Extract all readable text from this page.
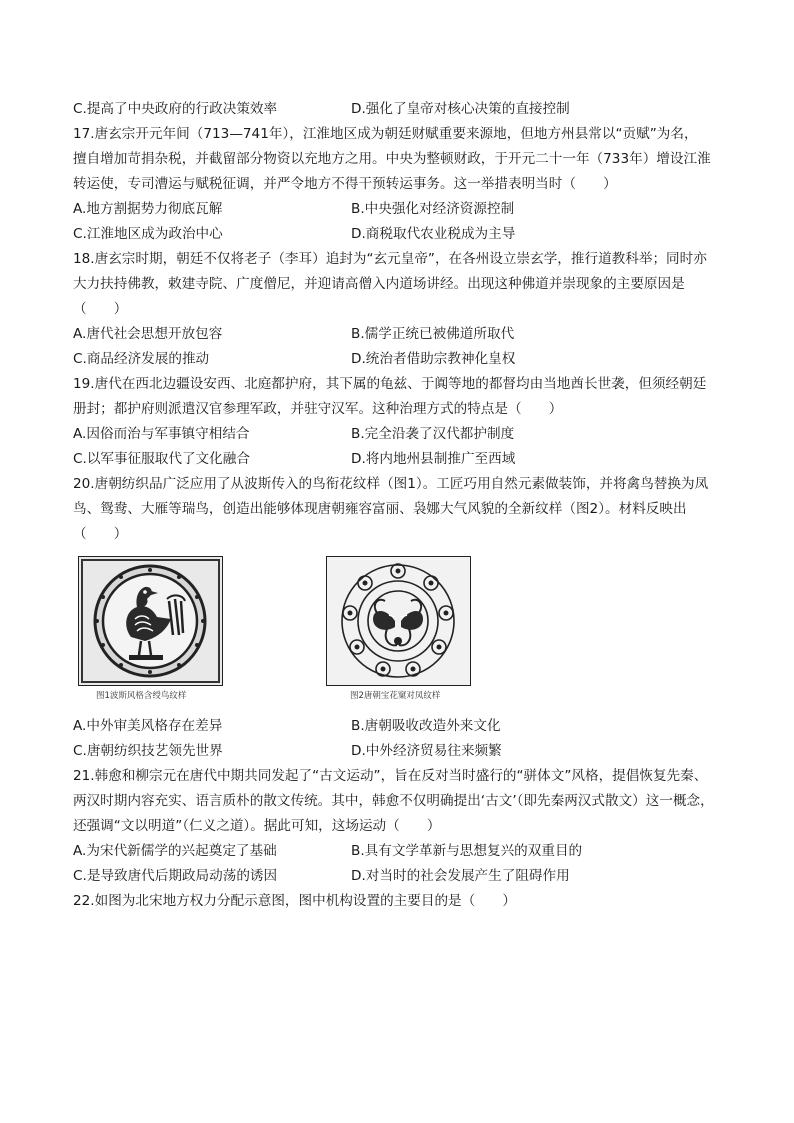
C.提高了中央政府的行政决策效率	D.强化了皇帝对核心决策的直接控制
17.唐玄宗开元年间（713—741年），江淮地区成为朝廷财赋重要来源地，但地方州县常以“贡赋”为名，
擅自增加苛捐杂税，并截留部分物资以充地方之用。中央为整顿财政，于开元二十一年（733年）增设江淮
转运使，专司漕运与赋税征调，并严令地方不得干预转运事务。这一举措表明当时（　　）
A.地方割据势力彻底瓦解	B.中央强化对经济资源控制
C.江淮地区成为政治中心	D.商税取代农业税成为主导
18.唐玄宗时期，朝廷不仅将老子（李耳）追封为“玄元皇帝”，在各州设立崇玄学，推行道教科举；同时亦
大力扶持佛教，敕建寺院、广度僧尼，并迎请高僧入内道场讲经。出现这种佛道并崇现象的主要原因是
（　　）
A.唐代社会思想开放包容	B.儒学正统已被佛道所取代
C.商品经济发展的推动	D.统治者借助宗教神化皇权
19.唐代在西北边疆设安西、北庭都护府，其下属的龟兹、于阗等地的都督均由当地酋长世袭，但须经朝廷
册封；都护府则派遣汉官参理军政，并驻守汉军。这种治理方式的特点是（　　）
A.因俗而治与军事镇守相结合	B.完全沿袭了汉代都护制度
C.以军事征服取代了文化融合	D.将内地州县制推广至西域
20.唐朝纺织品广泛应用了从波斯传入的鸟衔花纹样（图1）。工匠巧用自然元素做装饰，并将禽鸟替换为凤
鸟、鸳鸯、大雁等瑞鸟，创造出能够体现唐朝雍容富丽、袅娜大气风貌的全新纹样（图2）。材料反映出
（　　）
图1波斯风格含绶鸟纹样	图2唐朝宝花窠对凤纹样
A.中外审美风格存在差异	B.唐朝吸收改造外来文化
C.唐朝纺织技艺领先世界	D.中外经济贸易往来频繁
21.韩愈和柳宗元在唐代中期共同发起了“古文运动”，旨在反对当时盛行的“骈体文”风格，提倡恢复先秦、
两汉时期内容充实、语言质朴的散文传统。其中，韩愈不仅明确提出‘古文’（即先秦两汉式散文）这一概念，
还强调“文以明道”（仁义之道）。据此可知，这场运动（　　）
A.为宋代新儒学的兴起奠定了基础	B.具有文学革新与思想复兴的双重目的
C.是导致唐代后期政局动荡的诱因	D.对当时的社会发展产生了阻碍作用
22.如图为北宋地方权力分配示意图，图中机构设置的主要目的是（　　）
